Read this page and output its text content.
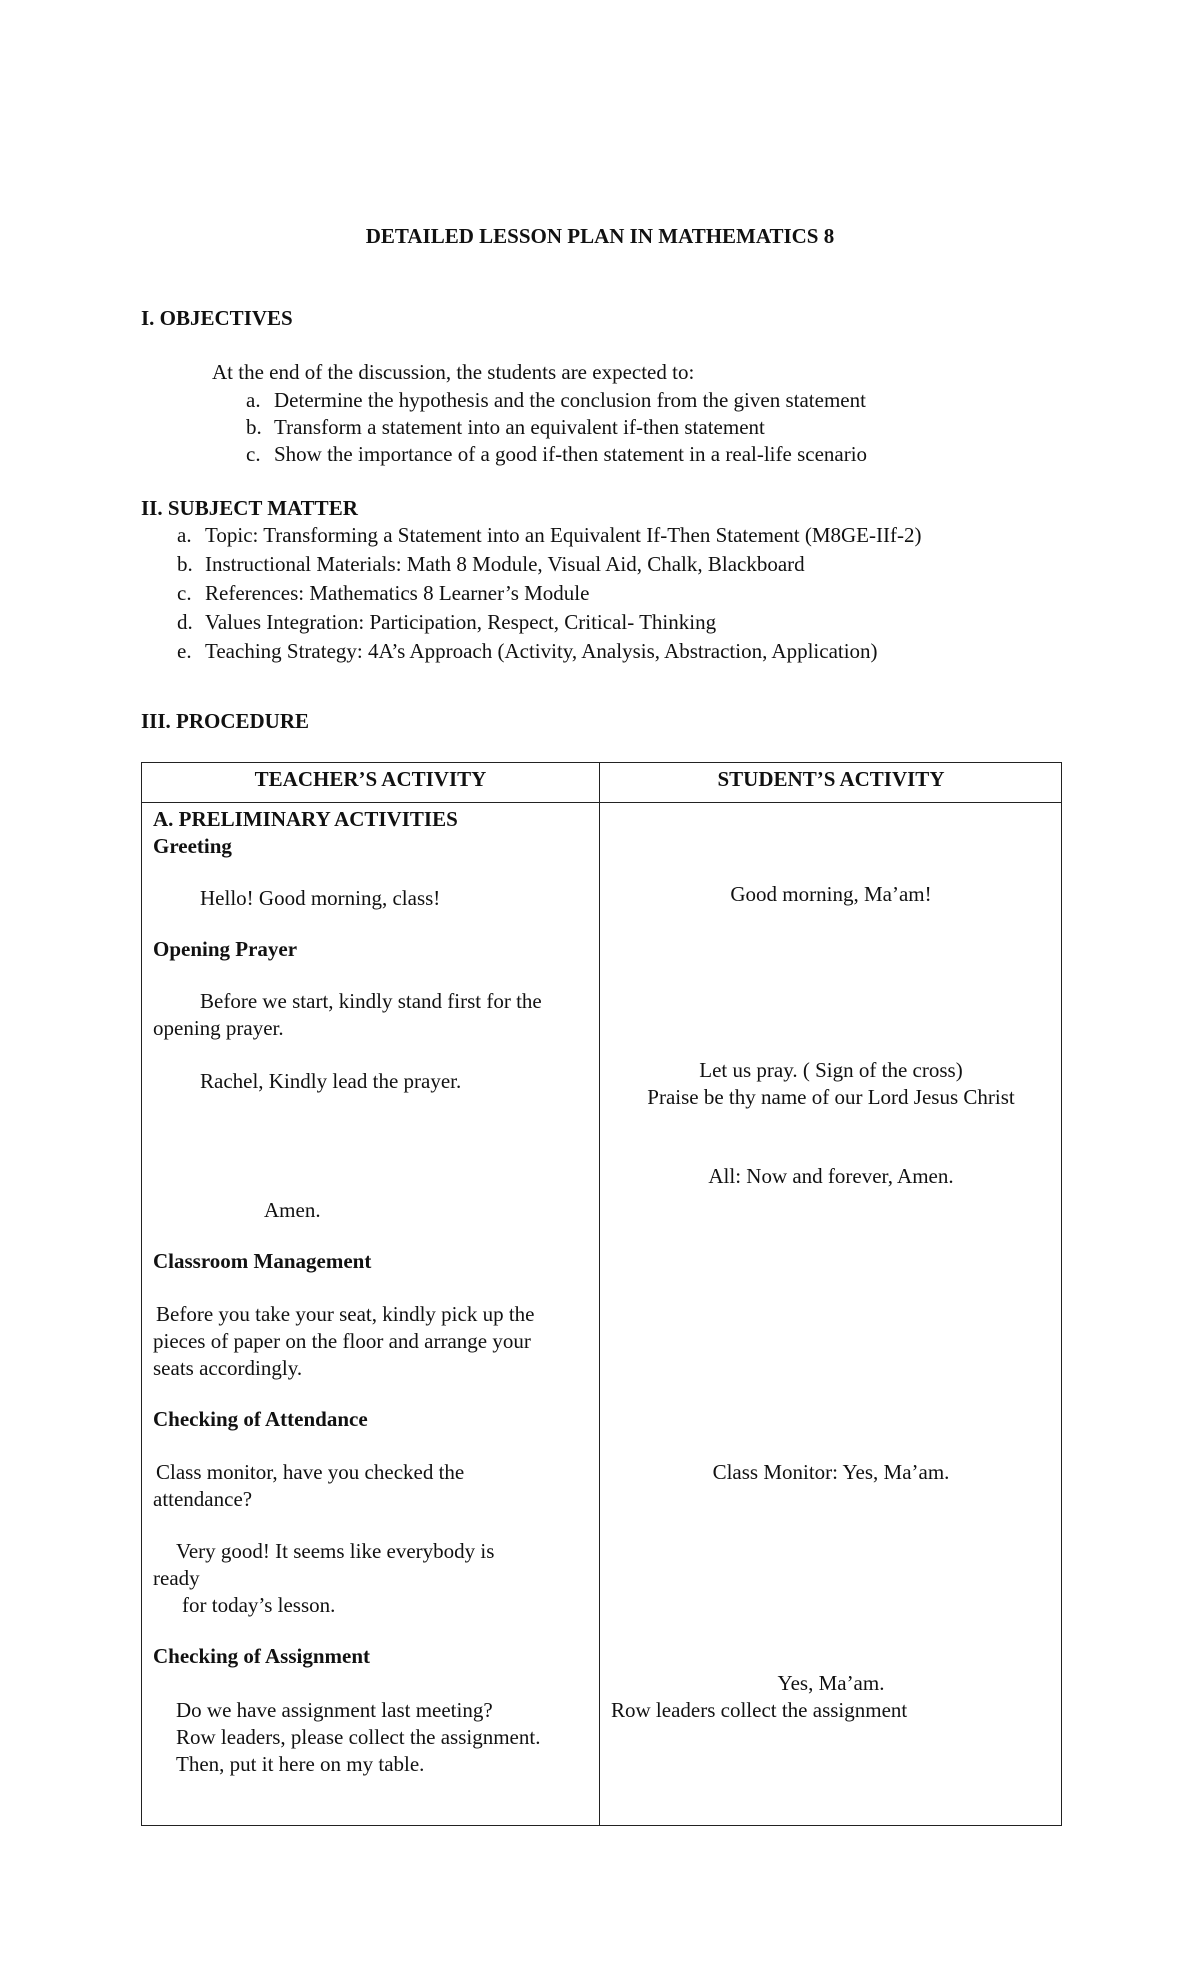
DETAILED LESSON PLAN IN MATHEMATICS 8
I. OBJECTIVES
At the end of the discussion, the students are expected to:
a. Determine the hypothesis and the conclusion from the given statement
b. Transform a statement into an equivalent if-then statement
c. Show the importance of a good if-then statement in a real-life scenario
II. SUBJECT MATTER
a. Topic: Transforming a Statement into an Equivalent If-Then Statement (M8GE-IIf-2)
b. Instructional Materials: Math 8 Module, Visual Aid, Chalk, Blackboard
c. References: Mathematics 8 Learner’s Module
d. Values Integration: Participation, Respect, Critical- Thinking
e. Teaching Strategy: 4A’s Approach (Activity, Analysis, Abstraction, Application)
III. PROCEDURE
TEACHER’S ACTIVITY	STUDENT’S ACTIVITY
A. PRELIMINARY ACTIVITIES
Greeting
Hello! Good morning, class!
Opening Prayer
Before we start, kindly stand first for the
opening prayer.
Rachel, Kindly lead the prayer.
Amen.
Classroom Management
Before you take your seat, kindly pick up the
pieces of paper on the floor and arrange your
seats accordingly.
Checking of Attendance
Class monitor, have you checked the
attendance?
Very good! It seems like everybody is
ready
for today’s lesson.
Checking of Assignment
Do we have assignment last meeting?
Row leaders, please collect the assignment.
Then, put it here on my table.
Good morning, Ma’am!
Let us pray. ( Sign of the cross)
Praise be thy name of our Lord Jesus Christ
All: Now and forever, Amen.
Class Monitor: Yes, Ma’am.
Yes, Ma’am.
Row leaders collect the assignment
